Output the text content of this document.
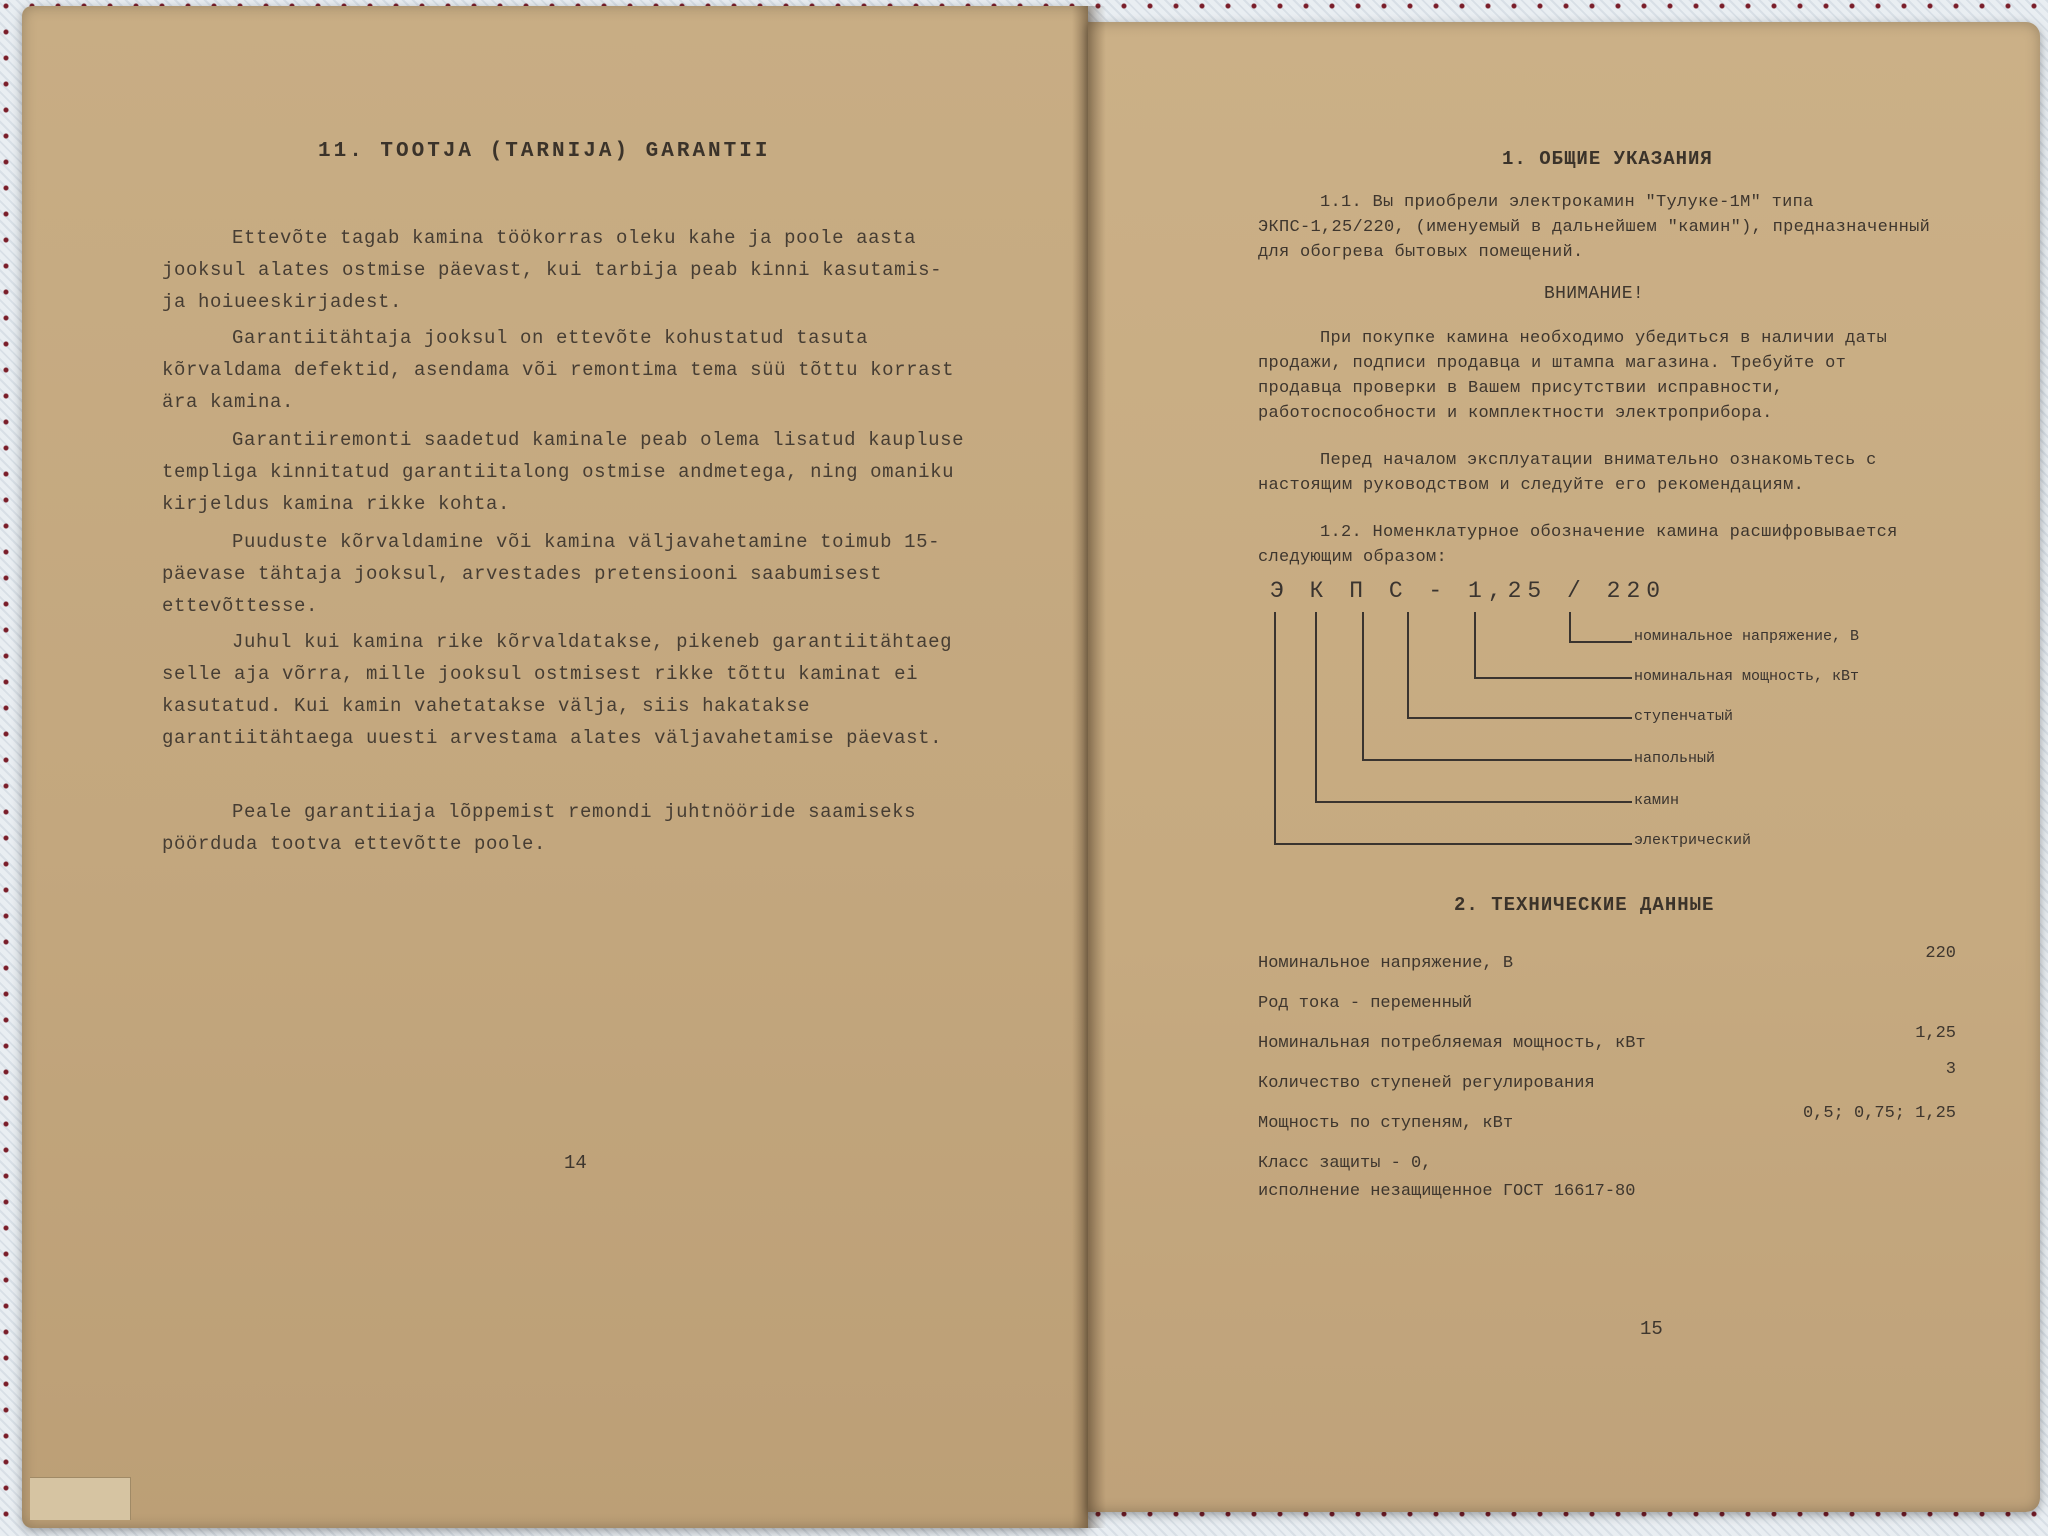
11. TOOTJA (TARNIJA) GARANTII

Ettevõte tagab kamina töökorras oleku kahe ja poole aasta jooksul alates ostmise päevast, kui tarbija peab kinni kasutamis- ja hoiueeskirjadest.

Garantiitähtaja jooksul on ettevõte kohustatud tasuta kõrvaldama defektid, asendama või remontima tema süü tõttu korrast ära kamina.

Garantiiremonti saadetud kaminale peab olema lisatud kaupluse templiga kinnitatud garantiitalong ostmise andmetega, ning omaniku kirjeldus kamina rikke kohta.

Puuduste kõrvaldamine või kamina väljavahetamine toimub 15-päevase tähtaja jooksul, arvestades pretensiooni saabumisest ettevõttesse.

Juhul kui kamina rike kõrvaldatakse, pikeneb garantiitähtaeg selle aja võrra, mille jooksul ostmisest rikke tõttu kaminat ei kasutatud. Kui kamin vahetatakse välja, siis hakatakse garantiitähtaega uuesti arvestama alates väljavahetamise päevast.

Peale garantiiaja lõppemist remondi juhtnööride saamiseks pöörduda tootva ettevõtte poole.

14
1. ОБЩИЕ УКАЗАНИЯ

1.1. Вы приобрели электрокамин "Тулуке-1М" типа ЭКПС-1,25/220, (именуемый в дальнейшем "камин"), предназначенный для обогрева бытовых помещений.

ВНИМАНИЕ!

При покупке камина необходимо убедиться в наличии даты продажи, подписи продавца и штампа магазина. Требуйте от продавца проверки в Вашем присутствии исправности, работоспособности и комплектности электроприбора.

Перед началом эксплуатации внимательно ознакомьтесь с настоящим руководством и следуйте его рекомендациям.

1.2. Номенклатурное обозначение камина расшифровывается следующим образом:

Э К П С - 1,25 / 220
номинальное напряжение, В
номинальная мощность, кВт
ступенчатый
напольный
камин
электрический
2. ТЕХНИЧЕСКИЕ ДАННЫЕ
Номинальное напряжение, В
220
Род тока - переменный
Номинальная потребляемая мощность, кВт
1,25
Количество ступеней регулирования
3
Мощность по ступеням, кВт
0,5; 0,75; 1,25
Класс защиты - 0,
исполнение незащищенное ГОСТ 16617-80
15
